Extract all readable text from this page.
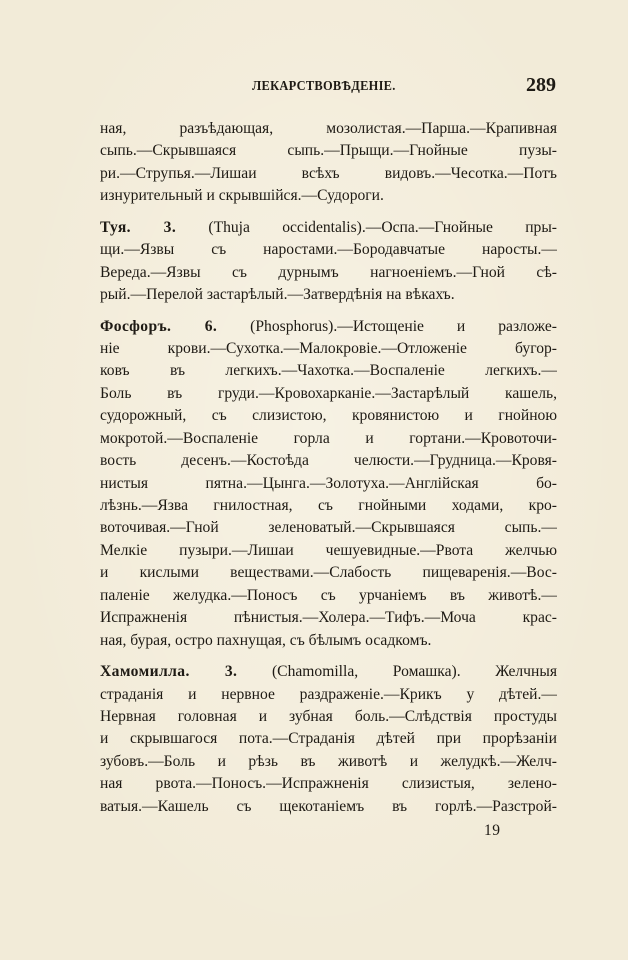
ЛЕКАРСТВОВѢДЕНІЕ.	289
ная, разъѣдающая, мозолистая.—Парша.—Крапивная
сыпь.—Скрывшаяся сыпь.—Прыщи.—Гнойные пузы-
ри.—Струпья.—Лишаи всѣхъ видовъ.—Чесотка.—Потъ
изнурительный и скрывшійся.—Судороги.
Туя. 3. (Thuja occidentalis).—Оспа.—Гнойные пры-
щи.—Язвы съ наростами.—Бородавчатые наросты.—
Вереда.—Язвы съ дурнымъ нагноеніемъ.—Гной сѣ-
рый.—Перелой застарѣлый.—Затвердѣнія на вѣкахъ.
Фосфоръ. 6. (Phosphorus).—Истощеніе и разложе-
ніе крови.—Сухотка.—Малокровіе.—Отложеніе бугор-
ковъ въ легкихъ.—Чахотка.—Воспаленіе легкихъ.—
Боль въ груди.—Кровохарканіе.—Застарѣлый кашель,
судорожный, съ слизистою, кровянистою и гнойною
мокротой.—Воспаленіе горла и гортани.—Кровоточи-
вость десенъ.—Костоѣда челюсти.—Грудница.—Кровя-
нистыя пятна.—Цынга.—Золотуха.—Англійская бо-
лѣзнь.—Язва гнилостная, съ гнойными ходами, кро-
воточивая.—Гной зеленоватый.—Скрывшаяся сыпь.—
Мелкіе пузыри.—Лишаи чешуевидные.—Рвота желчью
и кислыми веществами.—Слабость пищеваренія.—Вос-
паленіе желудка.—Поносъ съ урчаніемъ въ животѣ.—
Испражненія пѣнистыя.—Холера.—Тифъ.—Моча крас-
ная, бурая, остро пахнущая, съ бѣлымъ осадкомъ.
Хамомилла. 3. (Chamomilla, Ромашка). Желчныя
страданія и нервное раздраженіе.—Крикъ у дѣтей.—
Нервная головная и зубная боль.—Слѣдствія простуды
и скрывшагося пота.—Страданія дѣтей при прорѣзаніи
зубовъ.—Боль и рѣзь въ животѣ и желудкѣ.—Желч-
ная рвота.—Поносъ.—Испражненія слизистыя, зелено-
ватыя.—Кашель съ щекотаніемъ въ горлѣ.—Разстрой-
19
